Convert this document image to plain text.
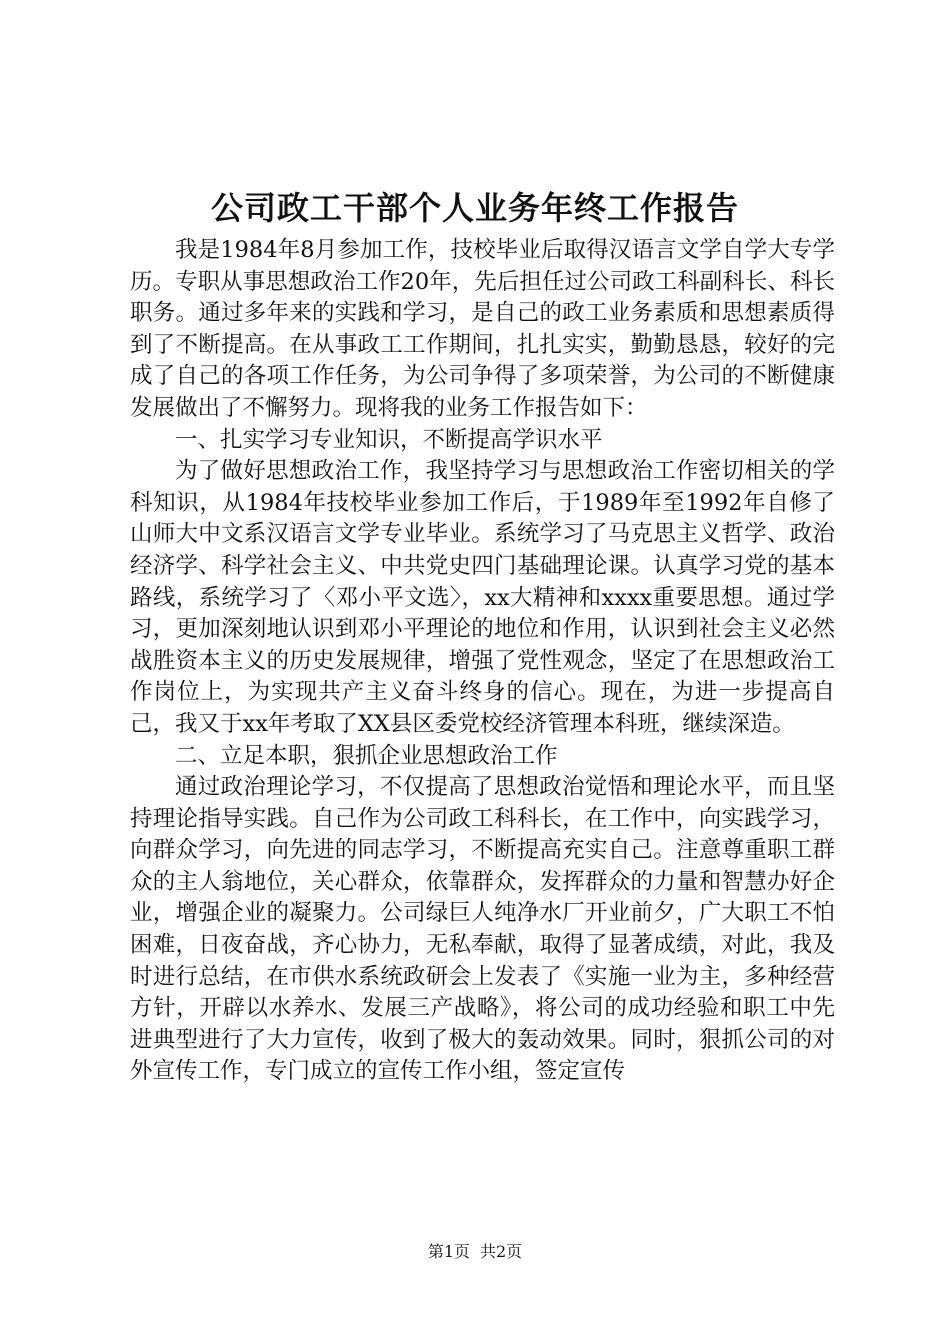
公司政工干部个人业务年终工作报告

我是1984年8月参加工作，技校毕业后取得汉语言文学自学大专学历。专职从事思想政治工作20年，先后担任过公司政工科副科长、科长职务。通过多年来的实践和学习，是自己的政工业务素质和思想素质得到了不断提高。在从事政工工作期间，扎扎实实，勤勤恳恳，较好的完成了自己的各项工作任务，为公司争得了多项荣誉，为公司的不断健康发展做出了不懈努力。现将我的业务工作报告如下：

一、扎实学习专业知识，不断提高学识水平

为了做好思想政治工作，我坚持学习与思想政治工作密切相关的学科知识，从1984年技校毕业参加工作后，于1989年至1992年自修了山师大中文系汉语言文学专业毕业。系统学习了马克思主义哲学、政治经济学、科学社会主义、中共党史四门基础理论课。认真学习党的基本路线，系统学习了〈邓小平文选〉，xx大精神和xxxx重要思想。通过学习，更加深刻地认识到邓小平理论的地位和作用，认识到社会主义必然战胜资本主义的历史发展规律，增强了党性观念，坚定了在思想政治工作岗位上，为实现共产主义奋斗终身的信心。现在，为进一步提高自己，我又于xx年考取了XX县区委党校经济管理本科班，继续深造。

二、立足本职，狠抓企业思想政治工作

通过政治理论学习，不仅提高了思想政治觉悟和理论水平，而且坚持理论指导实践。自己作为公司政工科科长，在工作中，向实践学习，向群众学习，向先进的同志学习，不断提高充实自己。注意尊重职工群众的主人翁地位，关心群众，依靠群众，发挥群众的力量和智慧办好企业，增强企业的凝聚力。公司绿巨人纯净水厂开业前夕，广大职工不怕困难，日夜奋战，齐心协力，无私奉献，取得了显著成绩，对此，我及时进行总结，在市供水系统政研会上发表了《实施一业为主，多种经营方针，开辟以水养水、发展三产战略》，将公司的成功经验和职工中先进典型进行了大力宣传，收到了极大的轰动效果。同时，狠抓公司的对外宣传工作，专门成立的宣传工作小组，签定宣传

第1页 共2页
